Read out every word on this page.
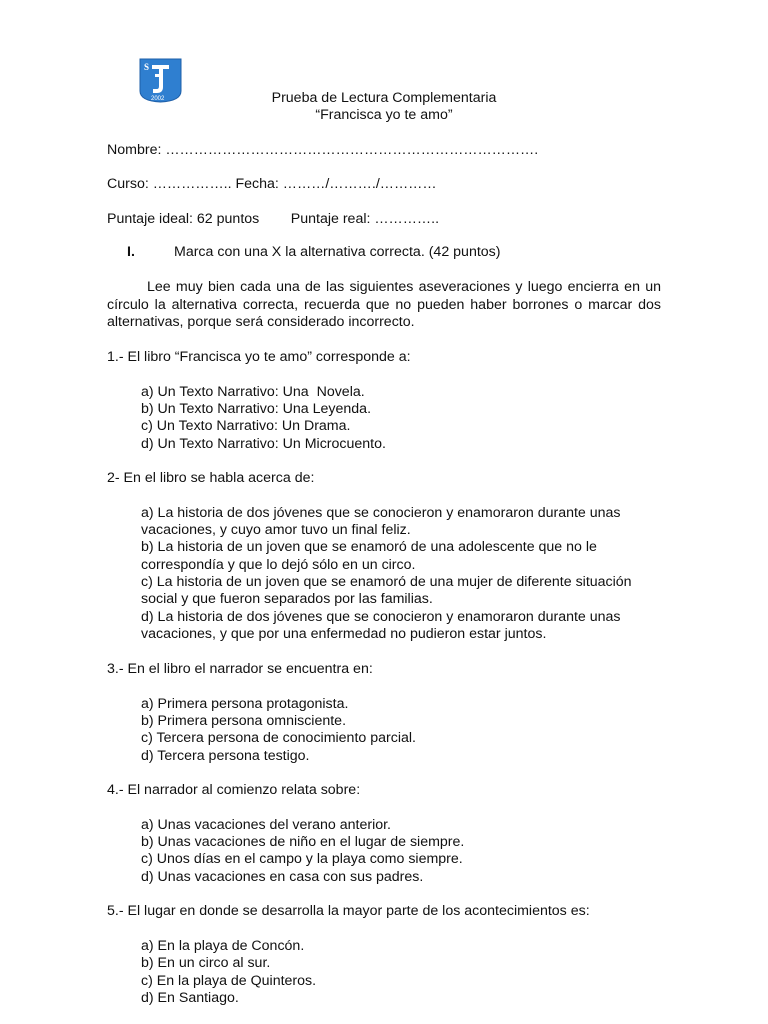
S
2002	Prueba de Lectura Complementaria
“Francisca yo te amo”
Nombre: …………………………………………………………………….
Curso: …………….. Fecha: ………/………./…………
Puntaje ideal: 62 puntos        Puntaje real: …………..
I.	Marca con una X la alternativa correcta. (42 puntos)
Lee muy bien cada una de las siguientes aseveraciones y luego encierra en un círculo la alternativa correcta, recuerda que no pueden haber borrones o marcar dos alternativas, porque será considerado incorrecto.
1.- El libro “Francisca yo te amo” corresponde a:
a) Un Texto Narrativo: Una  Novela.
b) Un Texto Narrativo: Una Leyenda.
c) Un Texto Narrativo: Un Drama.
d) Un Texto Narrativo: Un Microcuento.
2- En el libro se habla acerca de:
a) La historia de dos jóvenes que se conocieron y enamoraron durante unas
vacaciones, y cuyo amor tuvo un final feliz.
b) La historia de un joven que se enamoró de una adolescente que no le
correspondía y que lo dejó sólo en un circo.
c) La historia de un joven que se enamoró de una mujer de diferente situación
social y que fueron separados por las familias.
d) La historia de dos jóvenes que se conocieron y enamoraron durante unas
vacaciones, y que por una enfermedad no pudieron estar juntos.
3.- En el libro el narrador se encuentra en:
a) Primera persona protagonista.
b) Primera persona omnisciente.
c) Tercera persona de conocimiento parcial.
d) Tercera persona testigo.
4.- El narrador al comienzo relata sobre:
a) Unas vacaciones del verano anterior.
b) Unas vacaciones de niño en el lugar de siempre.
c) Unos días en el campo y la playa como siempre.
d) Unas vacaciones en casa con sus padres.
5.- El lugar en donde se desarrolla la mayor parte de los acontecimientos es:
a) En la playa de Concón.
b) En un circo al sur.
c) En la playa de Quinteros.
d) En Santiago.
